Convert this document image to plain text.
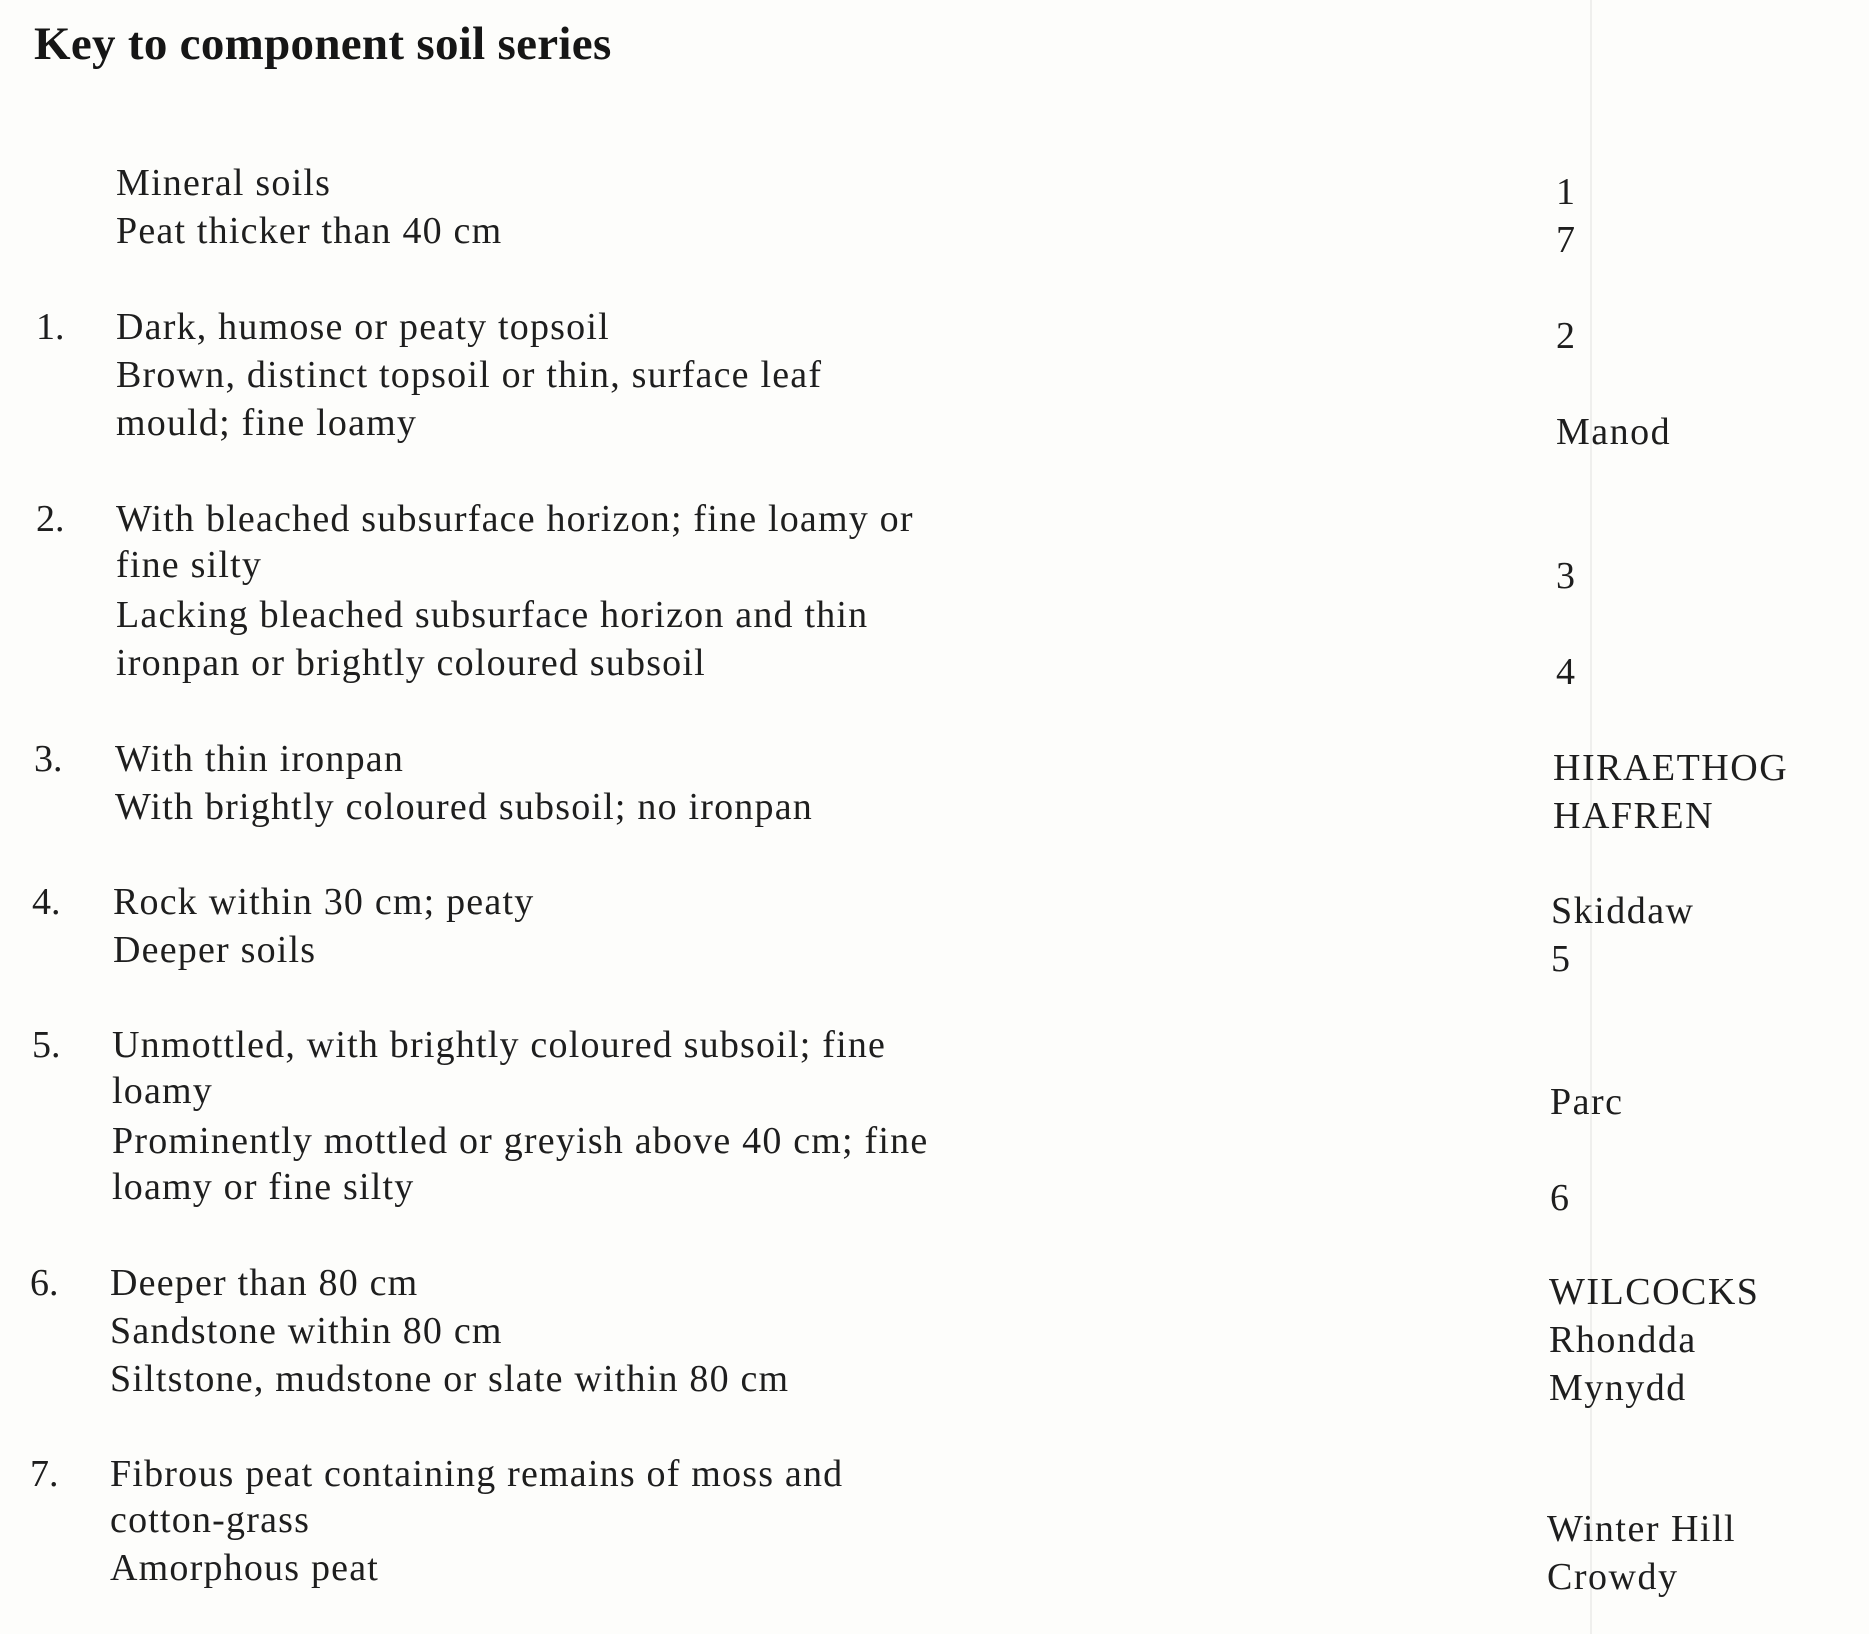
Key to component soil series
Mineral soils
Peat thicker than 40 cm
1
7
1. Dark, humose or peaty topsoil
Brown, distinct topsoil or thin, surface leaf
mould; fine loamy
2
Manod
2. With bleached subsurface horizon; fine loamy or
fine silty
Lacking bleached subsurface horizon and thin
ironpan or brightly coloured subsoil
3
4
3. With thin ironpan
With brightly coloured subsoil; no ironpan
HIRAETHOG
HAFREN
4. Rock within 30 cm; peaty
Deeper soils
Skiddaw
5
5. Unmottled, with brightly coloured subsoil; fine
loamy
Prominently mottled or greyish above 40 cm; fine
loamy or fine silty
Parc
6
6. Deeper than 80 cm
Sandstone within 80 cm
Siltstone, mudstone or slate within 80 cm
WILCOCKS
Rhondda
Mynydd
7. Fibrous peat containing remains of moss and
cotton-grass
Amorphous peat
Winter Hill
Crowdy
